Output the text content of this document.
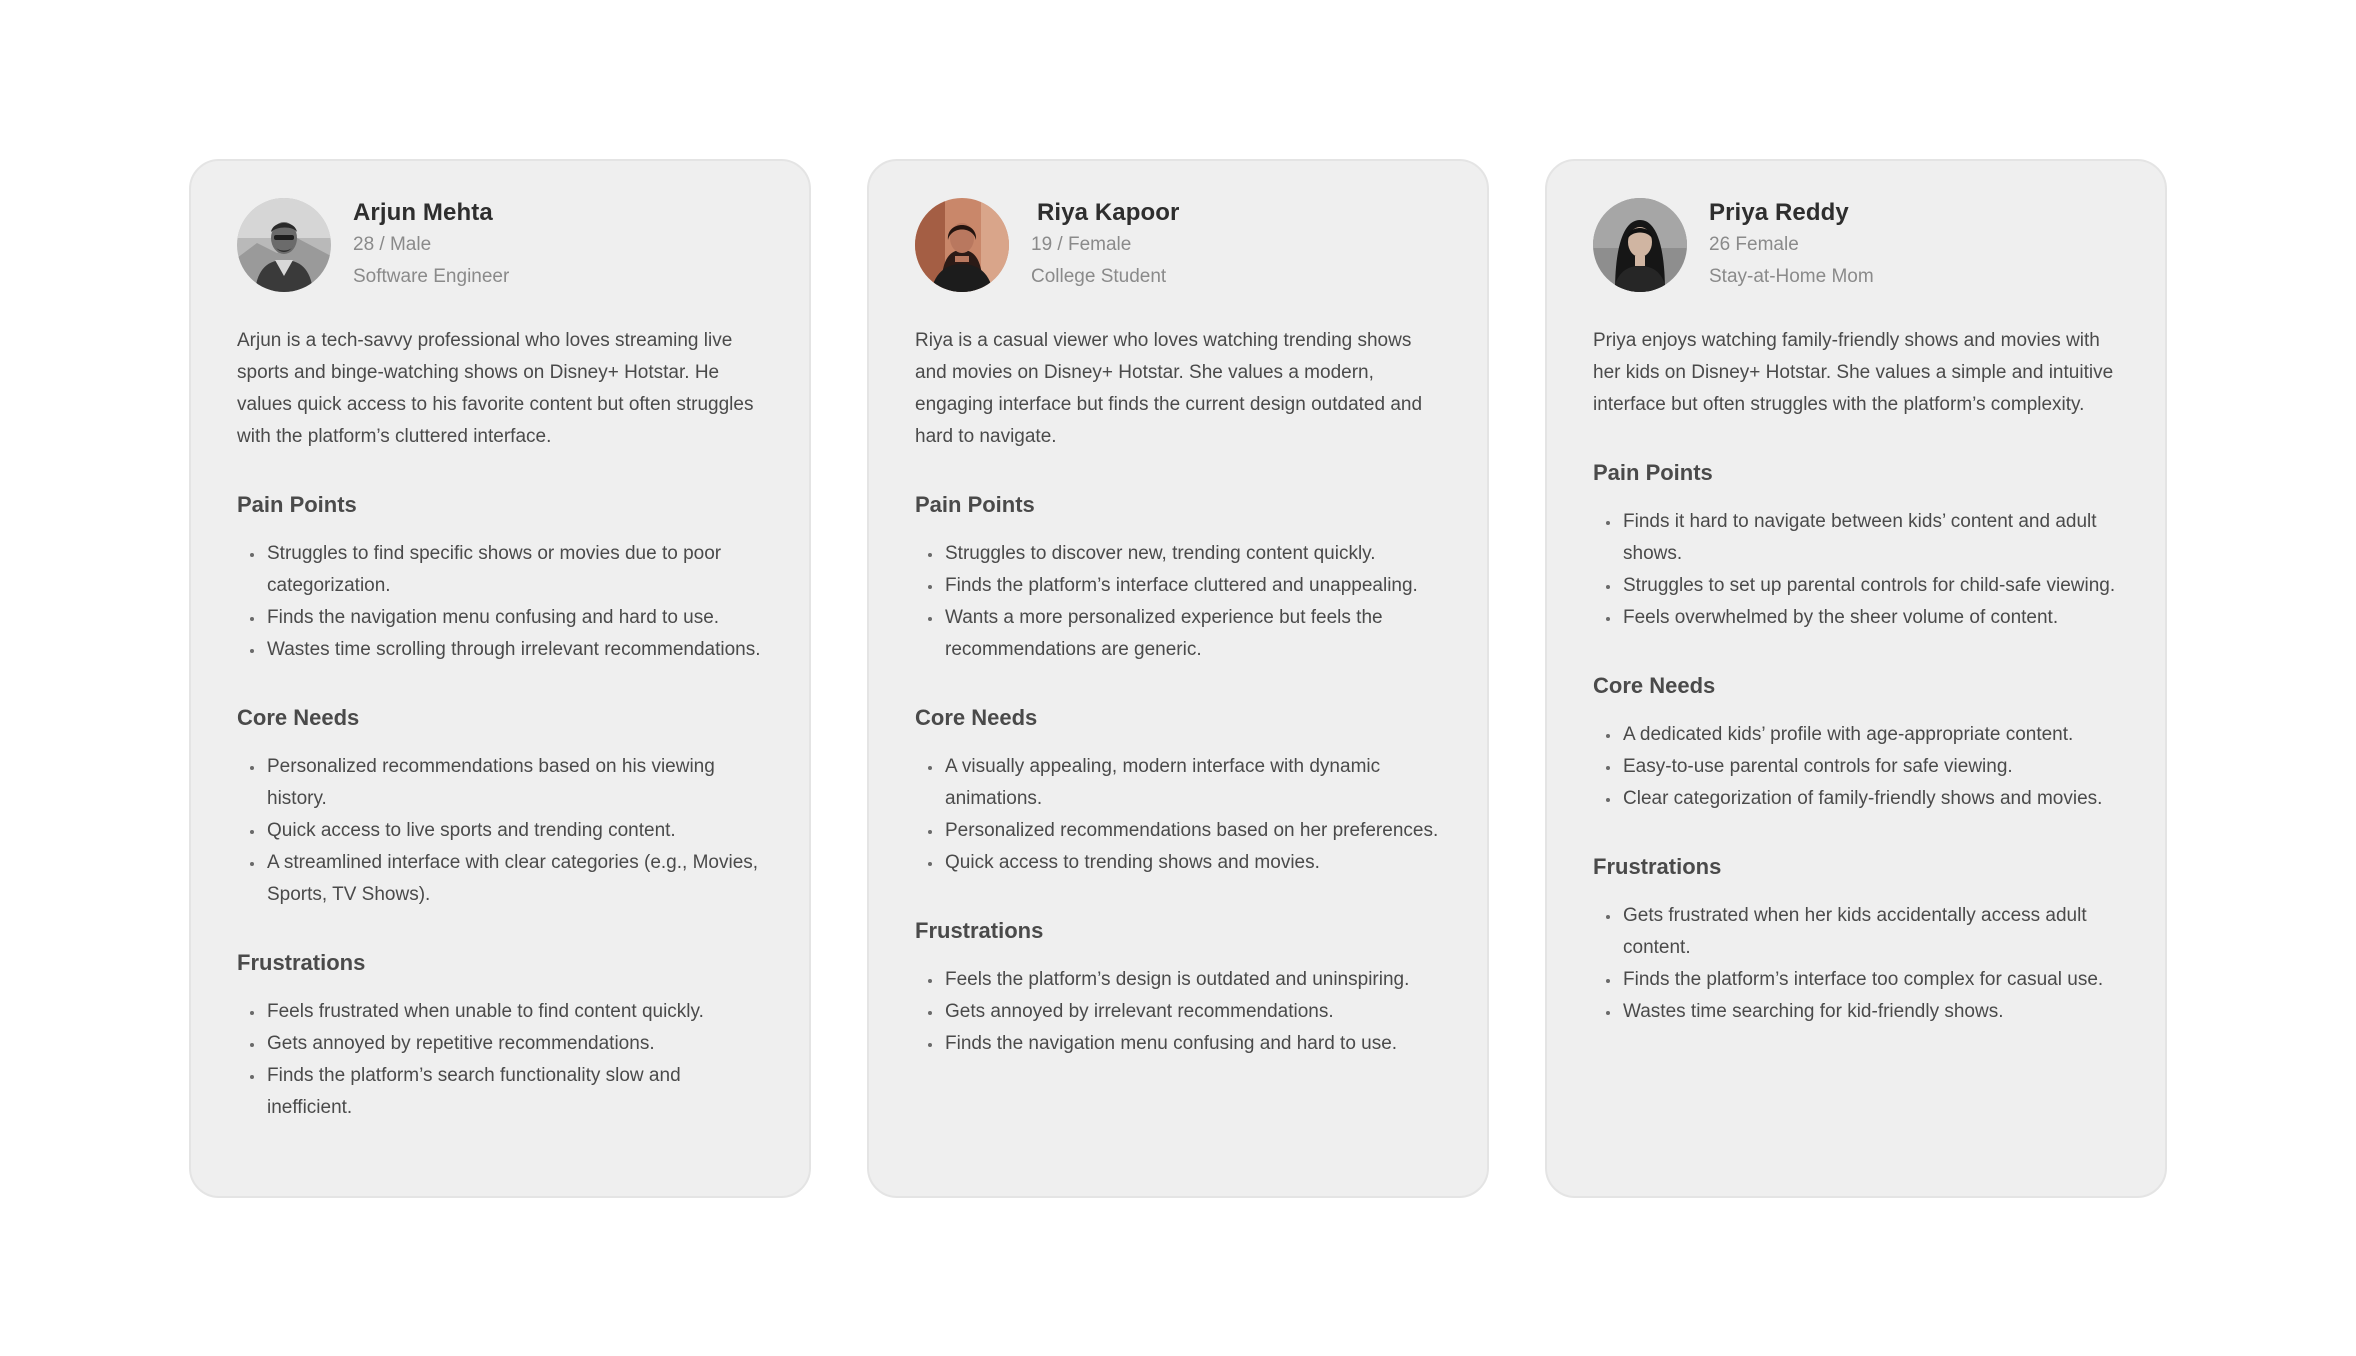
Arjun Mehta
28 / Male
Software Engineer
Arjun is a tech-savvy professional who loves streaming live sports and binge-watching shows on Disney+ Hotstar. He values quick access to his favorite content but often struggles with the platform’s cluttered interface.
Pain Points
Struggles to find specific shows or movies due to poor categorization.
Finds the navigation menu confusing and hard to use.
Wastes time scrolling through irrelevant recommendations.
Core Needs
Personalized recommendations based on his viewing history.
Quick access to live sports and trending content.
A streamlined interface with clear categories (e.g., Movies, Sports, TV Shows).
Frustrations
Feels frustrated when unable to find content quickly.
Gets annoyed by repetitive recommendations.
Finds the platform’s search functionality slow and inefficient.
Riya Kapoor
19 / Female
College Student
Riya is a casual viewer who loves watching trending shows and movies on Disney+ Hotstar. She values a modern, engaging interface but finds the current design outdated and hard to navigate.
Pain Points
Struggles to discover new, trending content quickly.
Finds the platform’s interface cluttered and unappealing.
Wants a more personalized experience but feels the recommendations are generic.
Core Needs
A visually appealing, modern interface with dynamic animations.
Personalized recommendations based on her preferences.
Quick access to trending shows and movies.
Frustrations
Feels the platform’s design is outdated and uninspiring.
Gets annoyed by irrelevant recommendations.
Finds the navigation menu confusing and hard to use.
Priya Reddy
26 Female
Stay-at-Home Mom
Priya enjoys watching family-friendly shows and movies with her kids on Disney+ Hotstar. She values a simple and intuitive interface but often struggles with the platform’s complexity.
Pain Points
Finds it hard to navigate between kids’ content and adult shows.
Struggles to set up parental controls for child-safe viewing.
Feels overwhelmed by the sheer volume of content.
Core Needs
A dedicated kids’ profile with age-appropriate content.
Easy-to-use parental controls for safe viewing.
Clear categorization of family-friendly shows and movies.
Frustrations
Gets frustrated when her kids accidentally access adult content.
Finds the platform’s interface too complex for casual use.
Wastes time searching for kid-friendly shows.
